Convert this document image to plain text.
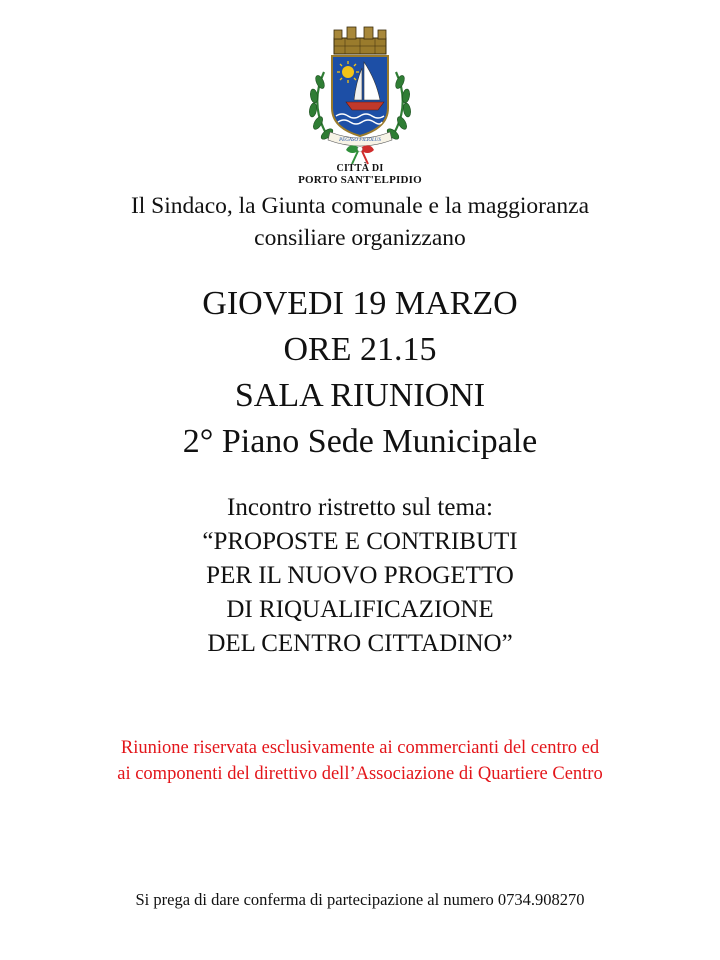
PEGASO FILIOLUS
CITTÀ DI
PORTO SANT'ELPIDIO
Il Sindaco, la Giunta comunale e la maggioranza
consiliare organizzano
GIOVEDI 19 MARZO
ORE 21.15
SALA RIUNIONI
2° Piano Sede Municipale
Incontro ristretto sul tema:
“PROPOSTE E CONTRIBUTI
PER IL NUOVO PROGETTO
DI RIQUALIFICAZIONE
DEL CENTRO CITTADINO”
Riunione riservata esclusivamente ai commercianti del centro ed
ai componenti del direttivo dell’Associazione di Quartiere Centro
Si prega di dare conferma di partecipazione al numero 0734.908270
